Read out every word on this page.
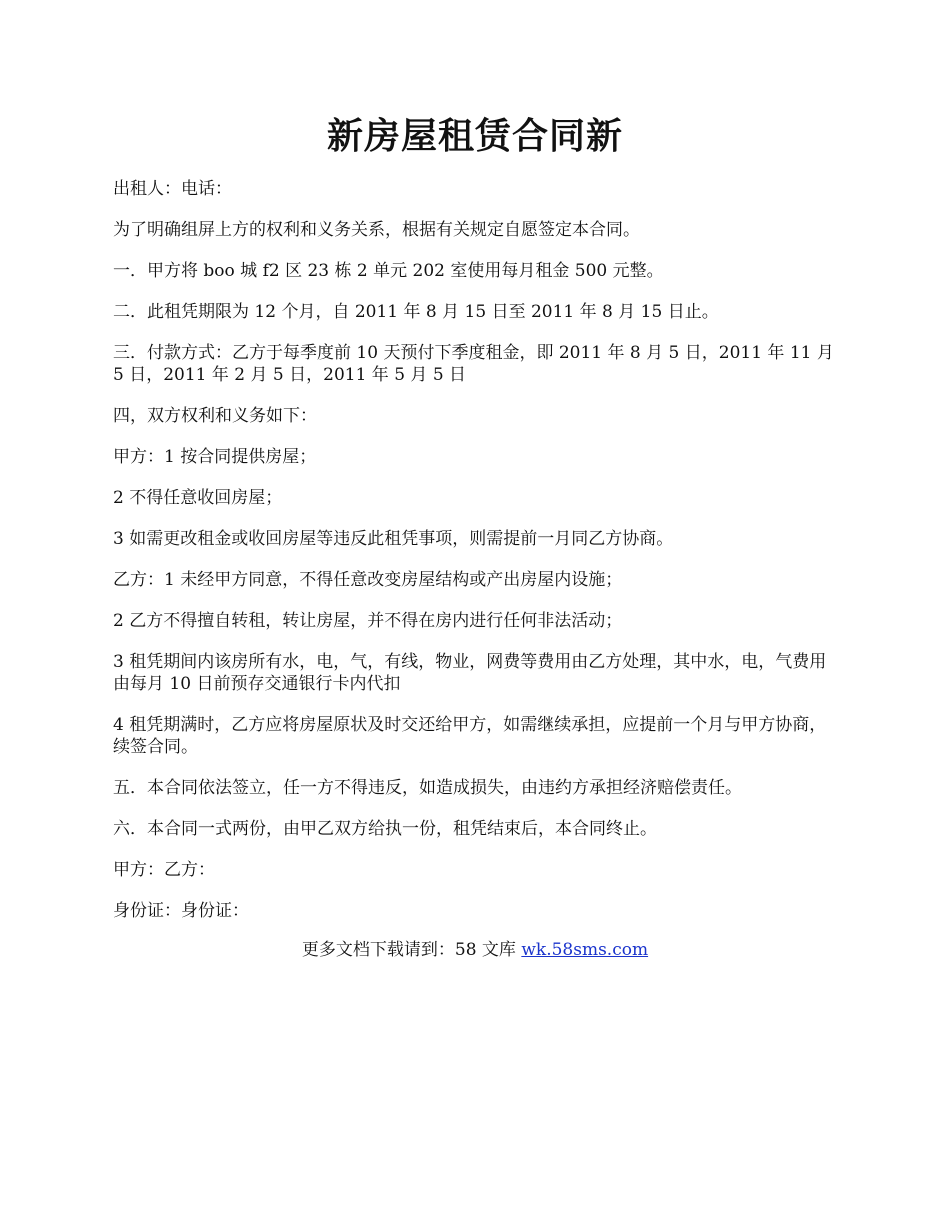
新房屋租赁合同新

出租人：电话：

为了明确组屏上方的权利和义务关系，根据有关规定自愿签定本合同。

一．甲方将 boo 城 f2 区 23 栋 2 单元 202 室使用每月租金 500 元整。

二．此租凭期限为 12 个月，自 2011 年 8 月 15 日至 2011 年 8 月 15 日止。

三．付款方式：乙方于每季度前 10 天预付下季度租金，即 2011 年 8 月 5 日，2011 年 11 月 5 日，2011 年 2 月 5 日，2011 年 5 月 5 日

四，双方权利和义务如下：

甲方：1 按合同提供房屋；

2 不得任意收回房屋；

3 如需更改租金或收回房屋等违反此租凭事项，则需提前一月同乙方协商。

乙方：1 未经甲方同意，不得任意改变房屋结构或产出房屋内设施；

2 乙方不得擅自转租，转让房屋，并不得在房内进行任何非法活动；

3 租凭期间内该房所有水，电，气，有线，物业，网费等费用由乙方处理，其中水，电，气费用由每月 10 日前预存交通银行卡内代扣

4 租凭期满时，乙方应将房屋原状及时交还给甲方，如需继续承担，应提前一个月与甲方协商，续签合同。

五．本合同依法签立，任一方不得违反，如造成损失，由违约方承担经济赔偿责任。

六．本合同一式两份，由甲乙双方给执一份，租凭结束后，本合同终止。

甲方：乙方：

身份证：身份证：

更多文档下载请到：58 文库 wk.58sms.com
